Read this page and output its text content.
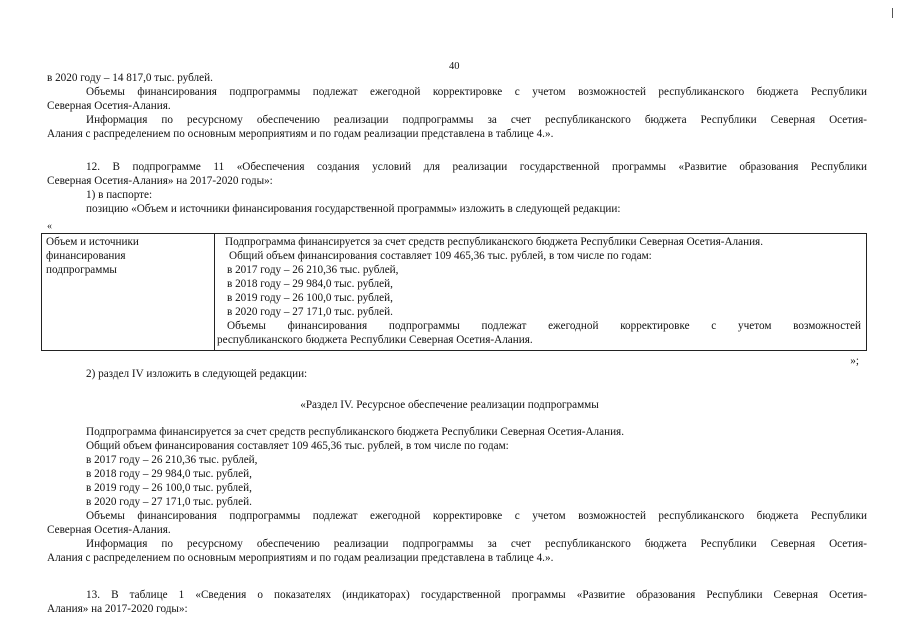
40
в 2020 году – 14 817,0 тыс. рублей.
Объемы финансирования подпрограммы подлежат ежегодной корректировке с учетом возможностей республиканского бюджета Республики
Северная Осетия-Алания.
Информация по ресурсному обеспечению реализации подпрограммы за счет республиканского бюджета Республики Северная Осетия-
Алания с распределением по основным мероприятиям и по годам реализации представлена в таблице 4.».
12. В подпрограмме 11 «Обеспечения создания условий для реализации государственной программы «Развитие образования Республики
Северная Осетия-Алания» на 2017-2020 годы»:
1) в паспорте:
позицию «Объем и источники финансирования государственной программы» изложить в следующей редакции:
«
Объем и источники
финансирования
подпрограммы
Подпрограмма финансируется за счет средств республиканского бюджета Республики Северная Осетия-Алания.
Общий объем финансирования составляет 109 465,36 тыс. рублей, в том числе по годам:
в 2017 году – 26 210,36 тыс. рублей,
в 2018 году – 29 984,0 тыс. рублей,
в 2019 году – 26 100,0 тыс. рублей,
в 2020 году – 27 171,0 тыс. рублей.
Объемы финансирования подпрограммы подлежат ежегодной корректировке с учетом возможностей
республиканского бюджета Республики Северная Осетия-Алания.
»;
2) раздел IV изложить в следующей редакции:
«Раздел IV. Ресурсное обеспечение реализации подпрограммы
Подпрограмма финансируется за счет средств республиканского бюджета Республики Северная Осетия-Алания.
Общий объем финансирования составляет 109 465,36 тыс. рублей, в том числе по годам:
в 2017 году – 26 210,36 тыс. рублей,
в 2018 году – 29 984,0 тыс. рублей,
в 2019 году – 26 100,0 тыс. рублей,
в 2020 году – 27 171,0 тыс. рублей.
Объемы финансирования подпрограммы подлежат ежегодной корректировке с учетом возможностей республиканского бюджета Республики
Северная Осетия-Алания.
Информация по ресурсному обеспечению реализации подпрограммы за счет республиканского бюджета Республики Северная Осетия-
Алания с распределением по основным мероприятиям и по годам реализации представлена в таблице 4.».
13. В таблице 1 «Сведения о показателях (индикаторах) государственной программы «Развитие образования Республики Северная Осетия-
Алания» на 2017-2020 годы»:
